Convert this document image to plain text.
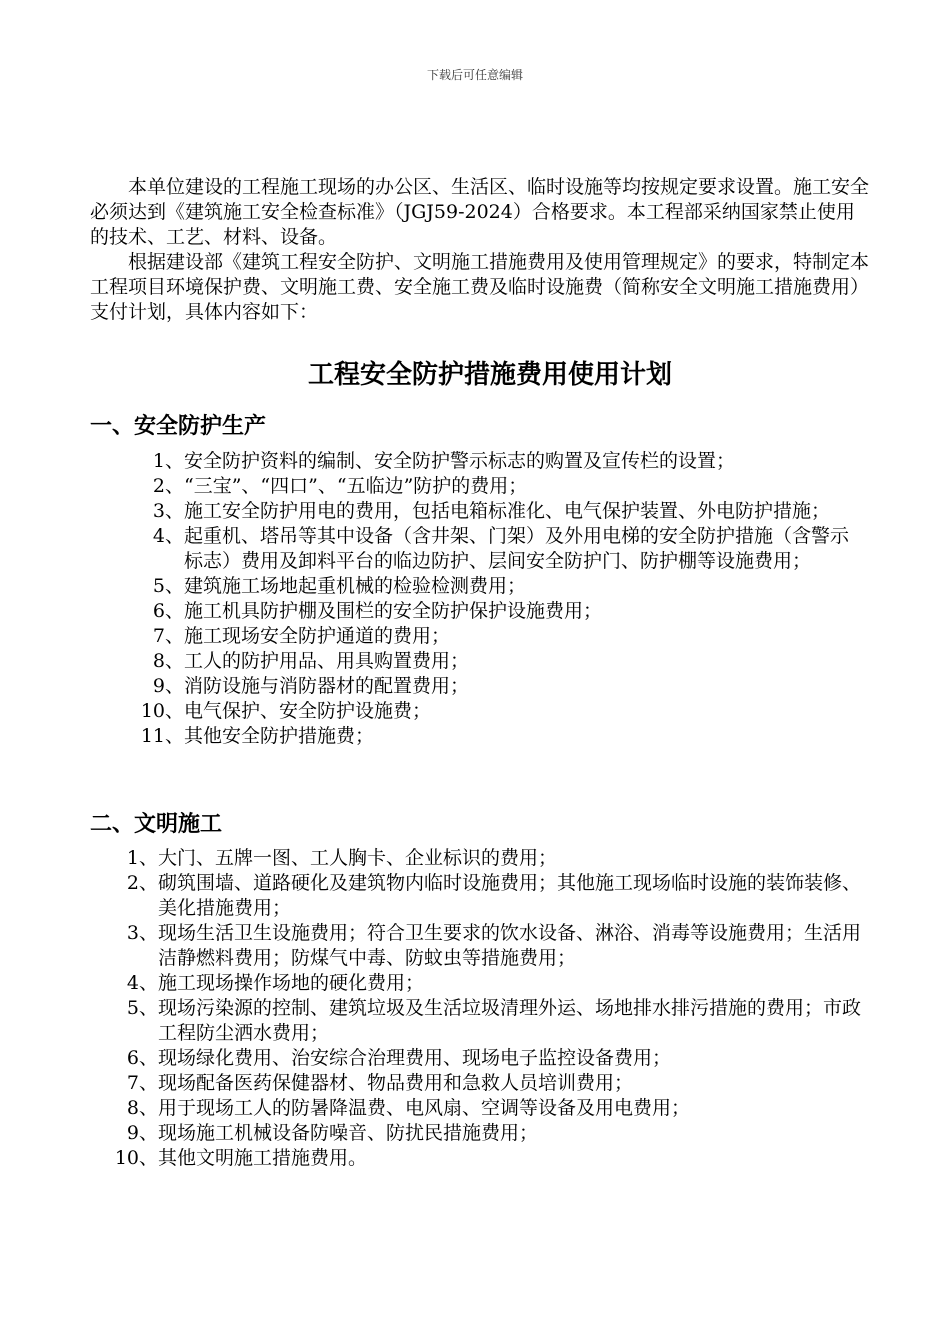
下载后可任意编辑

本单位建设的工程施工现场的办公区、生活区、临时设施等均按规定要求设置。施工安全必须达到《建筑施工安全检查标准》（JGJ59-2024）合格要求。本工程部采纳国家禁止使用的技术、工艺、材料、设备。

根据建设部《建筑工程安全防护、文明施工措施费用及使用管理规定》的要求，特制定本工程项目环境保护费、文明施工费、安全施工费及临时设施费（简称安全文明施工措施费用）支付计划，具体内容如下：

工程安全防护措施费用使用计划
一、安全防护生产
1、 安全防护资料的编制、安全防护警示标志的购置及宣传栏的设置；
2、 “三宝”、“四口”、“五临边”防护的费用；
3、 施工安全防护用电的费用，包括电箱标准化、电气保护装置、外电防护措施；
4、 起重机、塔吊等其中设备（含井架、门架）及外用电梯的安全防护措施（含警示标志）费用及卸料平台的临边防护、层间安全防护门、防护棚等设施费用；
5、 建筑施工场地起重机械的检验检测费用；
6、 施工机具防护棚及围栏的安全防护保护设施费用；
7、 施工现场安全防护通道的费用；
8、 工人的防护用品、用具购置费用；
9、 消防设施与消防器材的配置费用；
10、 电气保护、安全防护设施费；
11、 其他安全防护措施费；
二、文明施工
1、 大门、五牌一图、工人胸卡、企业标识的费用；
2、 砌筑围墙、道路硬化及建筑物内临时设施费用；其他施工现场临时设施的装饰装修、美化措施费用；
3、 现场生活卫生设施费用；符合卫生要求的饮水设备、淋浴、消毒等设施费用；生活用洁静燃料费用；防煤气中毒、防蚊虫等措施费用；
4、 施工现场操作场地的硬化费用；
5、 现场污染源的控制、建筑垃圾及生活垃圾清理外运、场地排水排污措施的费用；市政工程防尘洒水费用；
6、 现场绿化费用、治安综合治理费用、现场电子监控设备费用；
7、 现场配备医药保健器材、物品费用和急救人员培训费用；
8、 用于现场工人的防暑降温费、电风扇、空调等设备及用电费用；
9、 现场施工机械设备防噪音、防扰民措施费用；
10、 其他文明施工措施费用。
